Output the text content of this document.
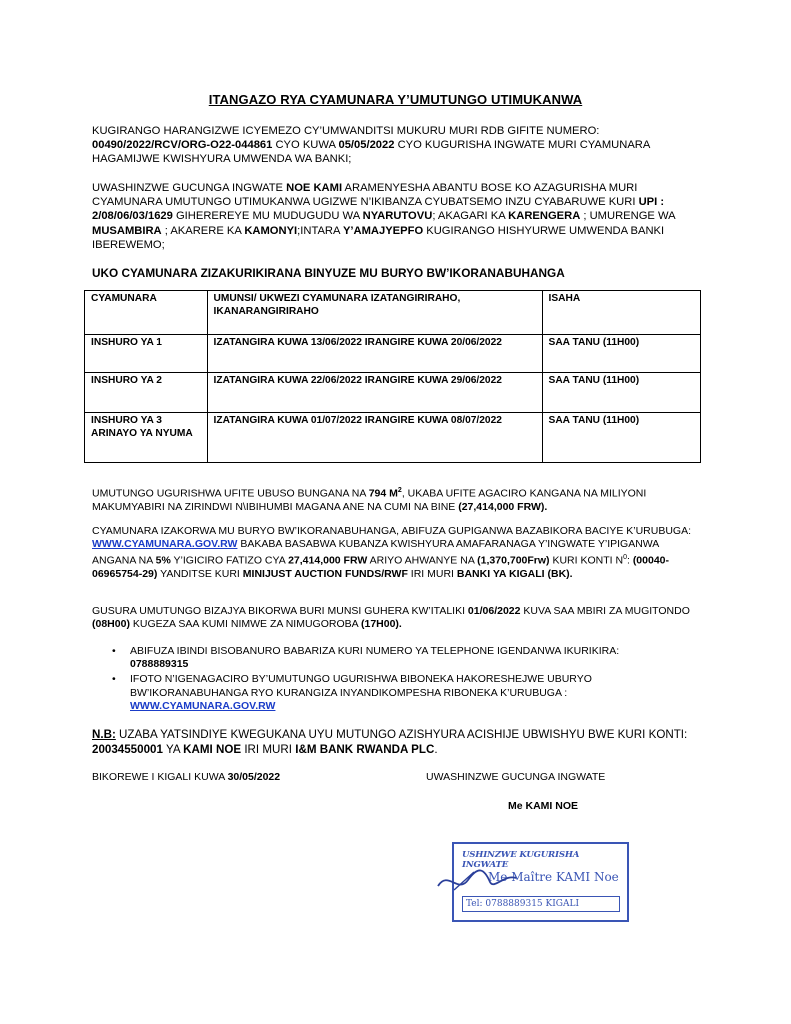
ITANGAZO RYA CYAMUNARA Y’UMUTUNGO UTIMUKANWA
KUGIRANGO HARANGIZWE ICYEMEZO CY’UMWANDITSI MUKURU MURI RDB GIFITE NUMERO:
00490/2022/RCV/ORG-O22-044861 CYO KUWA 05/05/2022 CYO KUGURISHA INGWATE MURI CYAMUNARA HAGAMIJWE KWISHYURA UMWENDA WA BANKI;
UWASHINZWE GUCUNGA INGWATE NOE KAMI ARAMENYESHA ABANTU BOSE KO AZAGURISHA MURI CYAMUNARA UMUTUNGO UTIMUKANWA UGIZWE N’IKIBANZA CYUBATSEMO INZU CYABARUWE KURI UPI : 2/08/06/03/1629 GIHEREREYE MU MUDUGUDU WA NYARUTOVU; AKAGARI KA KARENGERA ; UMURENGE WA MUSAMBIRA ; AKARERE KA KAMONYI;INTARA Y’AMAJYEPFO KUGIRANGO HISHYURWE UMWENDA BANKI IBEREWEMO;
UKO CYAMUNARA ZIZAKURIKIRANA BINYUZE MU BURYO BW’IKORANABUHANGA
CYAMUNARA	UMUNSI/ UKWEZI CYAMUNARA IZATANGIRIRAHO, IKANARANGIRIRAHO	ISAHA
INSHURO YA 1	IZATANGIRA KUWA 13/06/2022 IRANGIRE KUWA 20/06/2022	SAA TANU (11H00)
INSHURO YA 2	IZATANGIRA KUWA 22/06/2022 IRANGIRE KUWA 29/06/2022	SAA TANU (11H00)
INSHURO YA 3 ARINAYO YA NYUMA	IZATANGIRA KUWA 01/07/2022 IRANGIRE KUWA 08/07/2022	SAA TANU (11H00)
UMUTUNGO UGURISHWA UFITE UBUSO BUNGANA NA 794 $M^2$, UKABA UFITE AGACIRO KANGANA NA MILIYONI MAKUMYABIRI NA ZIRINDWI N\IBIHUMBI MAGANA ANE NA CUMI NA BINE (27,414,000 FRW).
CYAMUNARA IZAKORWA MU BURYO BW’IKORANABUHANGA, ABIFUZA GUPIGANWA BAZABIKORA BACIYE K’URUBUGA: WWW.CYAMUNARA.GOV.RW BAKABA BASABWA KUBANZA KWISHYURA AMAFARANAGA Y’INGWATE Y’IPIGANWA ANGANA NA 5% Y’IGICIRO FATIZO CYA 27,414,000 FRW ARIYO AHWANYE NA (1,370,700Frw) KURI KONTI $N^0$: (00040-06965754-29) YANDITSE KURI MINIJUST AUCTION FUNDS/RWF IRI MURI BANKI YA KIGALI (BK).
GUSURA UMUTUNGO BIZAJYA BIKORWA BURI MUNSI GUHERA KW’ITALIKI 01/06/2022 KUVA SAA MBIRI ZA MUGITONDO (08H00) KUGEZA SAA KUMI NIMWE ZA NIMUGOROBA (17H00).
• ABIFUZA IBINDI BISOBANURO BABARIZA KURI NUMERO YA TELEPHONE IGENDANWA IKURIKIRA:
0788889315
• IFOTO N’IGENAGACIRO BY’UMUTUNGO UGURISHWA BIBONEKA HAKORESHEJWE UBURYO BW’IKORANABUHANGA RYO KURANGIZA INYANDIKOMPESHA RIBONEKA K’URUBUGA :
WWW.CYAMUNARA.GOV.RW
N.B: UZABA YATSINDIYE KWEGUKANA UYU MUTUNGO AZISHYURA ACISHIJE UBWISHYU BWE KURI KONTI: 20034550001 YA KAMI NOE IRI MURI I&M BANK RWANDA PLC.
BIKOREWE I KIGALI KUWA 30/05/2022	UWASHINZWE GUCUNGA INGWATE
Me KAMI NOE
USHINZWE KUGURISHA INGWATE
Me Maître KAMI Noe
Tel: 0788889315 KIGALI
